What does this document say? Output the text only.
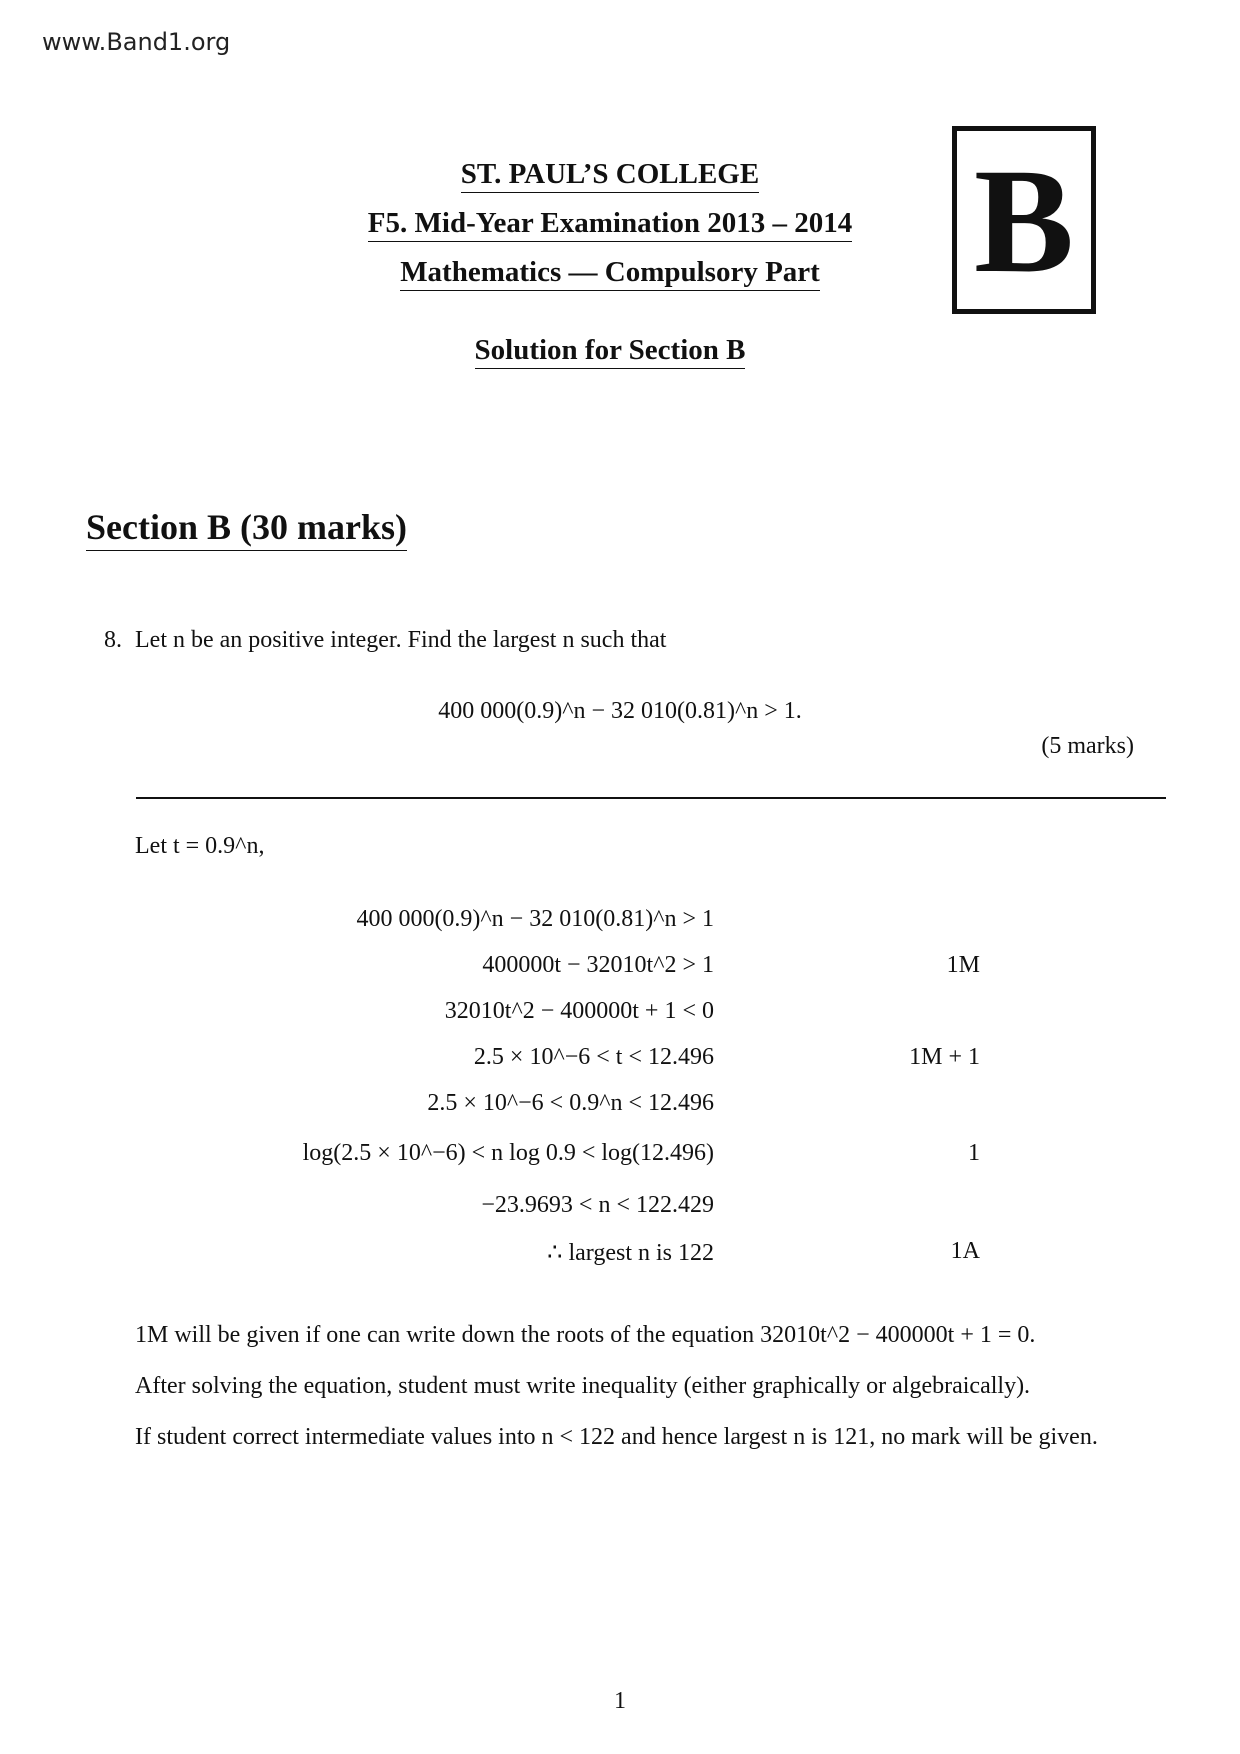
www.Band1.org
ST. PAUL’S COLLEGE
F5. Mid-Year Examination 2013 – 2014
Mathematics — Compulsory Part
Solution for Section B
B
Section B (30 marks)
8. Let n be an positive integer. Find the largest n such that
400 000(0.9)^n − 32 010(0.81)^n > 1.
(5 marks)
Let t = 0.9^n,
400 000(0.9)^n − 32 010(0.81)^n > 1
400000t − 32010t^2 > 1	1M
32010t^2 − 400000t + 1 < 0
2.5 × 10^−6 < t < 12.496	1M + 1
2.5 × 10^−6 < 0.9^n < 12.496
log(2.5 × 10^−6) < n log 0.9 < log(12.496)	1
−23.9693 < n < 122.429
∴ largest n is 122	1A
1M will be given if one can write down the roots of the equation 32010t^2 − 400000t + 1 = 0.
After solving the equation, student must write inequality (either graphically or algebraically).
If student correct intermediate values into n < 122 and hence largest n is 121, no mark will be given.
1
